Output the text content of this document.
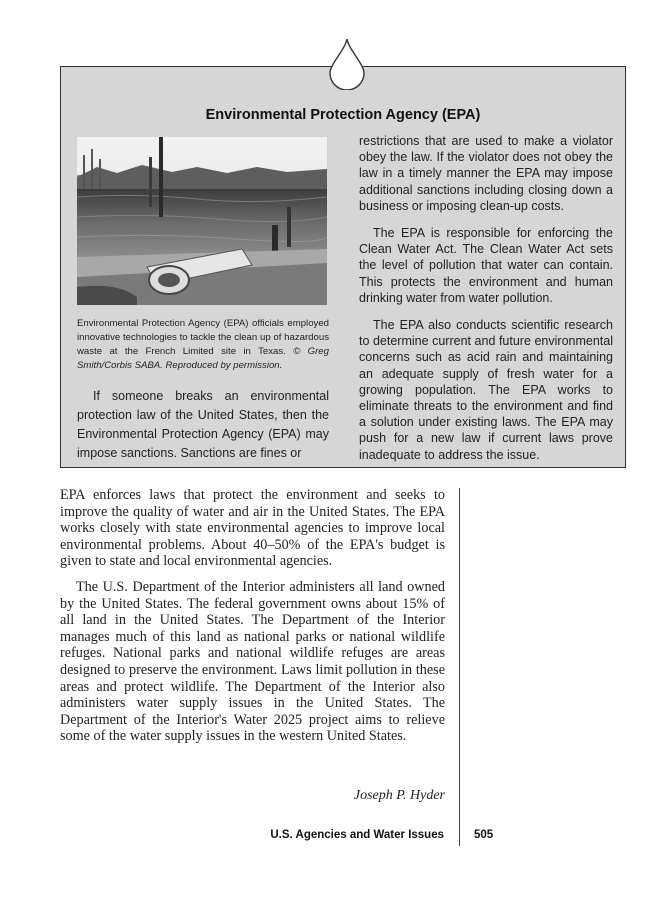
Environmental Protection Agency (EPA)
Environmental Protection Agency (EPA) officials employed innovative technologies to tackle the clean up of hazardous waste at the French Limited site in Texas. © Greg Smith/Corbis SABA. Reproduced by permission.
If someone breaks an environmental protection law of the United States, then the Environmental Protection Agency (EPA) may impose sanctions. Sanctions are fines or

restrictions that are used to make a violator obey the law. If the violator does not obey the law in a timely manner the EPA may impose additional sanctions including closing down a business or imposing clean-up costs.

The EPA is responsible for enforcing the Clean Water Act. The Clean Water Act sets the level of pollution that water can contain. This protects the environment and human drinking water from water pollution.

The EPA also conducts scientific research to determine current and future environmental concerns such as acid rain and maintaining an adequate supply of fresh water for a growing population. The EPA works to eliminate threats to the environment and find a solution under existing laws. The EPA may push for a new law if current laws prove inadequate to address the issue.

EPA enforces laws that protect the environment and seeks to improve the quality of water and air in the United States. The EPA works closely with state environmental agencies to improve local environmental problems. About 40–50% of the EPA's budget is given to state and local environmental agencies.

The U.S. Department of the Interior administers all land owned by the United States. The federal government owns about 15% of all land in the United States. The Department of the Interior manages much of this land as national parks or national wildlife refuges. National parks and national wildlife refuges are areas designed to preserve the environment. Laws limit pollution in these areas and protect wildlife. The Department of the Interior also administers water supply issues in the United States. The Department of the Interior's Water 2025 project aims to relieve some of the water supply issues in the western United States.

Joseph P. Hyder
U.S. Agencies and Water Issues	505
